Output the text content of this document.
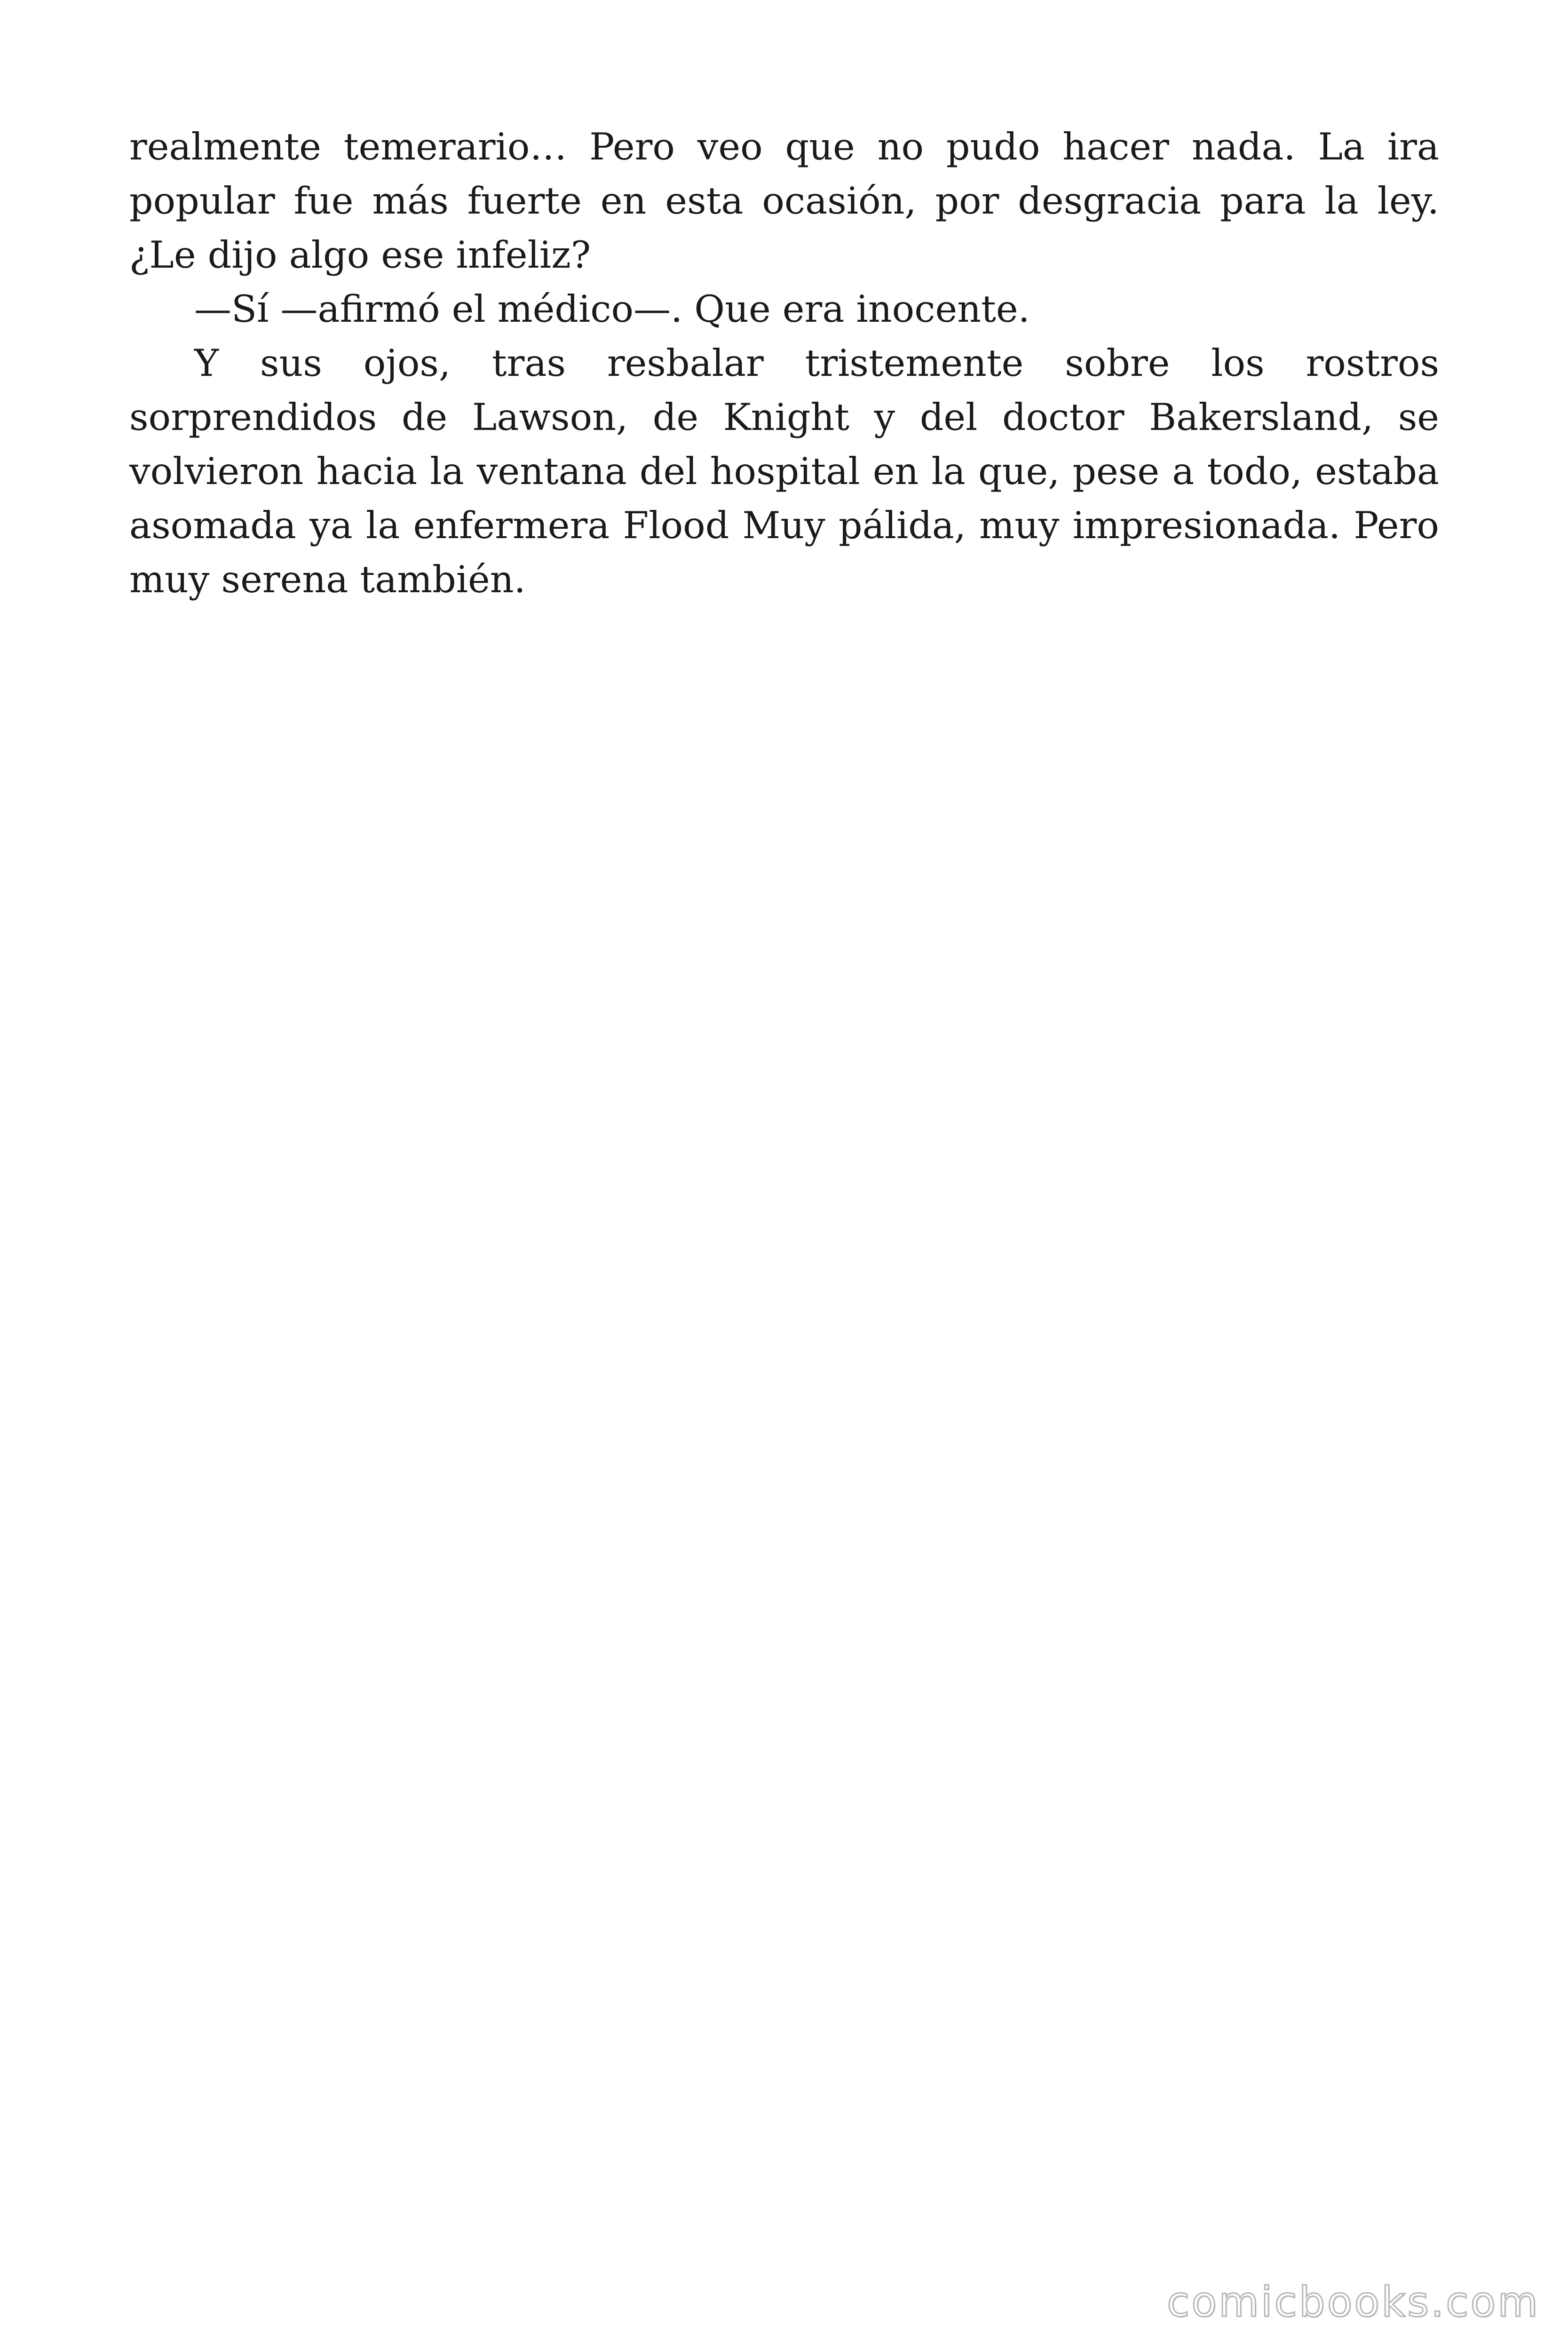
realmente temerario… Pero veo que no pudo hacer nada. La ira popular fue más fuerte en esta ocasión, por desgracia para la ley. ¿Le dijo algo ese infeliz?

—Sí —afirmó el médico—. Que era inocente.

Y sus ojos, tras resbalar tristemente sobre los rostros sorprendidos de Lawson, de Knight y del doctor Bakersland, se volvieron hacia la ventana del hospital en la que, pese a todo, estaba asomada ya la enfermera Flood Muy pálida, muy impresionada. Pero muy serena también.

comicbooks.com
